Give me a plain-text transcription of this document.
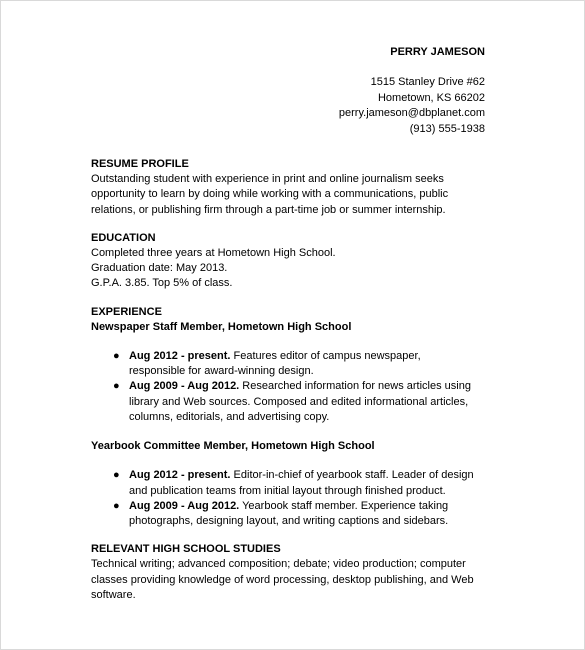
PERRY JAMESON
1515 Stanley Drive #62
Hometown, KS 66202
perry.jameson@dbplanet.com
(913) 555-1938
RESUME PROFILE
Outstanding student with experience in print and online journalism seeks
opportunity to learn by doing while working with a communications, public
relations, or publishing firm through a part-time job or summer internship.
EDUCATION
Completed three years at Hometown High School.
Graduation date: May 2013.
G.P.A. 3.85. Top 5% of class.
EXPERIENCE
Newspaper Staff Member, Hometown High School
● Aug 2012 - present. Features editor of campus newspaper,
responsible for award-winning design.
● Aug 2009 - Aug 2012. Researched information for news articles using
library and Web sources. Composed and edited informational articles,
columns, editorials, and advertising copy.
Yearbook Committee Member, Hometown High School
● Aug 2012 - present. Editor-in-chief of yearbook staff. Leader of design
and publication teams from initial layout through finished product.
● Aug 2009 - Aug 2012. Yearbook staff member. Experience taking
photographs, designing layout, and writing captions and sidebars.
RELEVANT HIGH SCHOOL STUDIES
Technical writing; advanced composition; debate; video production; computer
classes providing knowledge of word processing, desktop publishing, and Web
software.
